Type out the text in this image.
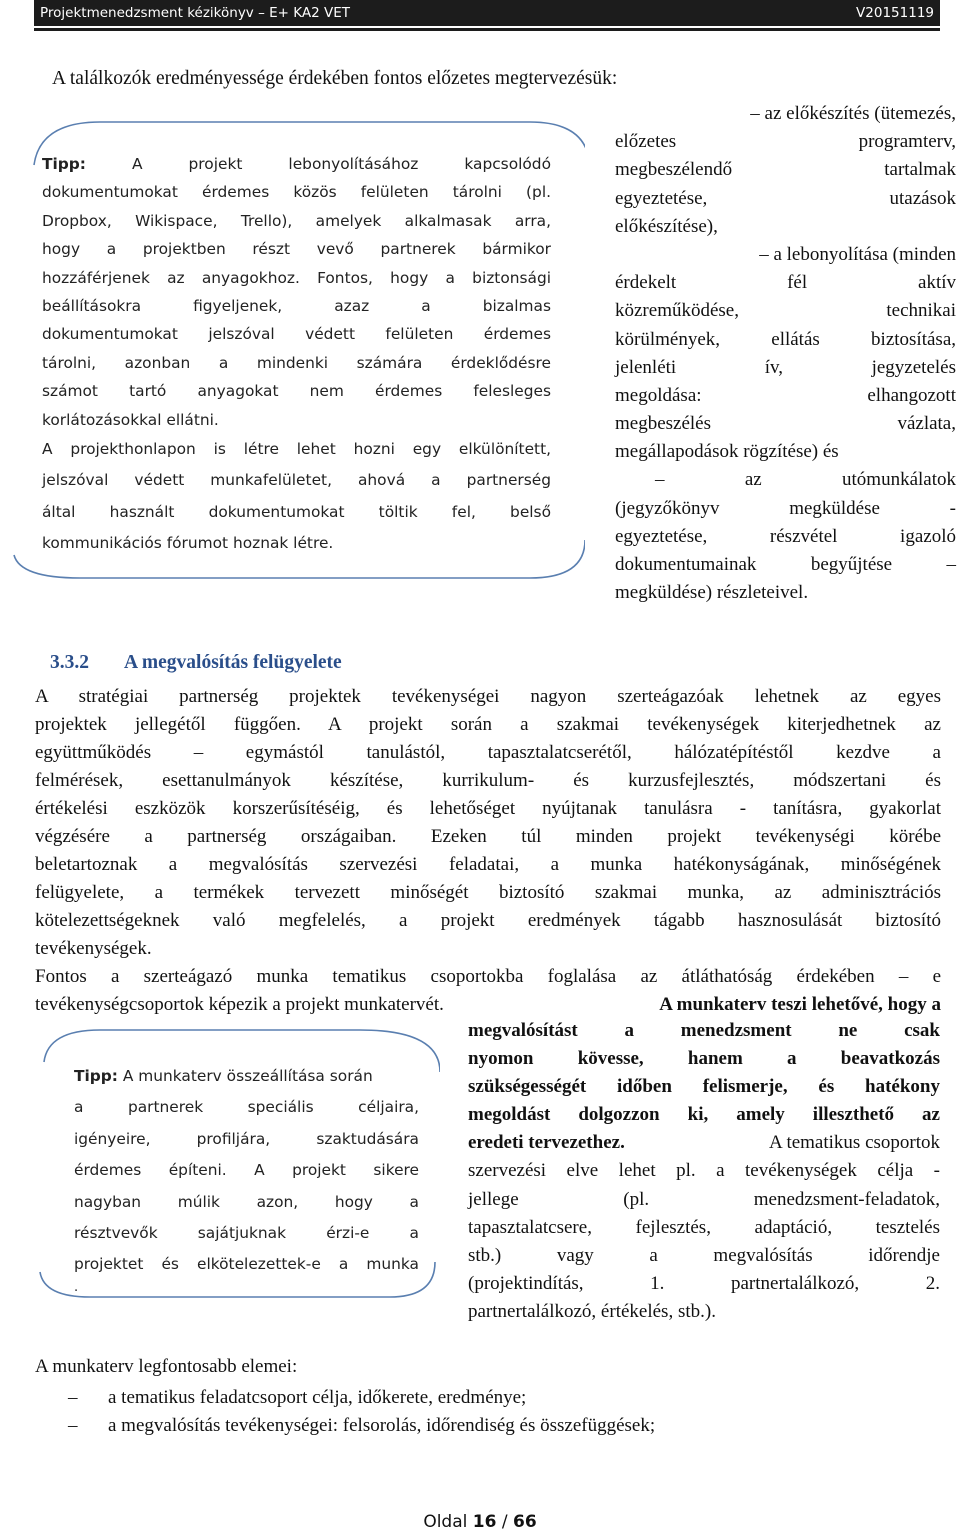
Projektmenedzsment kézikönyv – E+ KA2 VET	V20151119
A találkozók eredményessége érdekében fontos előzetes megtervezésük:
Tipp: A projekt lebonyolításához kapcsolódó
dokumentumokat érdemes közös felületen tárolni (pl.
Dropbox, Wikispace, Trello), amelyek alkalmasak arra,
hogy a projektben részt vevő partnerek bármikor
hozzáférjenek az anyagokhoz. Fontos, hogy a biztonsági
beállításokra figyeljenek, azaz a bizalmas
dokumentumokat jelszóval védett felületen érdemes
tárolni, azonban a mindenki számára érdeklődésre
számot tartó anyagokat nem érdemes felesleges
korlátozásokkal ellátni.
A projekthonlapon is létre lehet hozni egy elkülönített,
jelszóval védett munkafelületet, ahová a partnerség
által használt dokumentumokat töltik fel, belső
kommunikációs fórumot hoznak létre.
– az előkészítés (ütemezés,
előzetes programterv,
megbeszélendő tartalmak
egyeztetése, utazások
előkészítése),
– a lebonyolítása (minden
érdekelt fél aktív
közreműködése, technikai
körülmények, ellátás biztosítása,
jelenléti ív, jegyzetelés
megoldása: elhangozott
megbeszélés vázlata,
megállapodások rögzítése) és
– az utómunkálatok
(jegyzőkönyv megküldése -
egyeztetése, részvétel igazoló
dokumentumainak begyűjtése –
megküldése) részleteivel.
3.3.2 A megvalósítás felügyelete
A stratégiai partnerség projektek tevékenységei nagyon szerteágazóak lehetnek az egyes
projektek jellegétől függően. A projekt során a szakmai tevékenységek kiterjedhetnek az
együttműködés – egymástól tanulástól, tapasztalatcserétől, hálózatépítéstől kezdve a
felmérések, esettanulmányok készítése, kurrikulum- és kurzusfejlesztés, módszertani és
értékelési eszközök korszerűsítéséig, és lehetőséget nyújtanak tanulásra - tanításra, gyakorlat
végzésére a partnerség országaiban. Ezeken túl minden projekt tevékenységi körébe
beletartoznak a megvalósítás szervezési feladatai, a munka hatékonyságának, minőségének
felügyelete, a termékek tervezett minőségét biztosító szakmai munka, az adminisztrációs
kötelezettségeknek való megfelelés, a projekt eredmények tágabb hasznosulását biztosító
tevékenységek.
Fontos a szerteágazó munka tematikus csoportokba foglalása az átláthatóság érdekében – e
tevékenységcsoportok képezik a projekt munkatervét.	A munkaterv teszi lehetővé, hogy a
Tipp: A munkaterv összeállítása során
a partnerek speciális céljaira,
igényeire, profiljára, szaktudására
érdemes építeni. A projekt sikere
nagyban múlik azon, hogy a
résztvevők sajátjuknak érzi-e a
projektet és elkötelezettek-e a munka
.
megvalósítást a menedzsment ne csak
nyomon kövesse, hanem a beavatkozás
szükségességét időben felismerje, és hatékony
megoldást dolgozzon ki, amely illeszthető az
eredeti tervezethez.	A tematikus csoportok
szervezési elve lehet pl. a tevékenységek célja -
jellege (pl. menedzsment-feladatok,
tapasztalatcsere, fejlesztés, adaptáció, tesztelés
stb.) vagy a megvalósítás időrendje
(projektindítás, 1. partnertalálkozó, 2.
partnertalálkozó, értékelés, stb.).
A munkaterv legfontosabb elemei:
– a tematikus feladatcsoport célja, időkerete, eredménye;
– a megvalósítás tevékenységei: felsorolás, időrendiség és összefüggések;
Oldal 16 / 66
